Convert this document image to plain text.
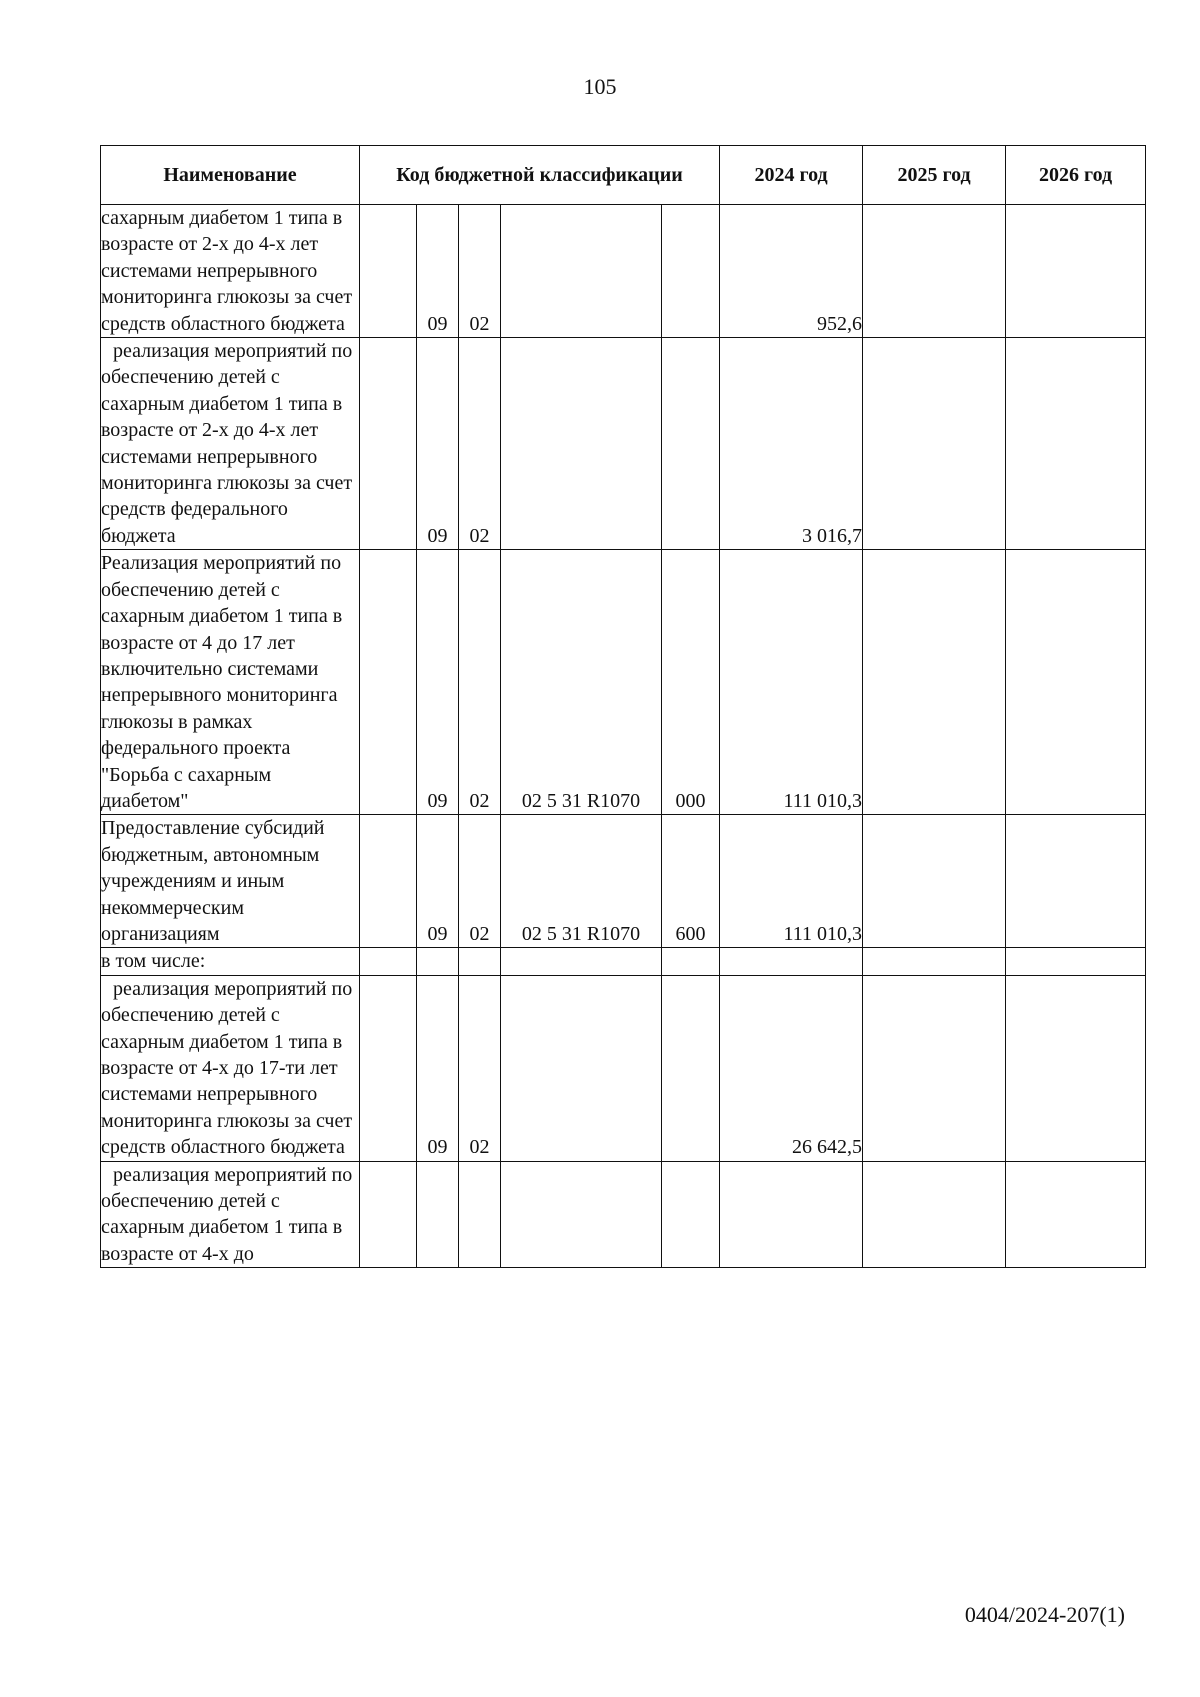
105
Наименование	Код бюджетной классификации					2024 год	2025 год	2026 год
сахарным диабетом 1 типа в возрасте от 2-х до 4-х лет системами непрерывного мониторинга глюкозы за счет средств областного бюджета		09	02			952,6		
реализация мероприятий по обеспечению детей с сахарным диабетом 1 типа в возрасте от 2-х до 4-х лет системами непрерывного мониторинга глюкозы за счет средств федерального бюджета		09	02			3 016,7		
Реализация мероприятий по обеспечению детей с сахарным диабетом 1 типа в возрасте от 4 до 17 лет включительно системами непрерывного мониторинга глюкозы в рамках федерального проекта "Борьба с сахарным диабетом"		09	02	02 5 31 R1070	000	111 010,3		
Предоставление субсидий бюджетным, автономным учреждениям и иным некоммерческим организациям		09	02	02 5 31 R1070	600	111 010,3		
в том числе:								
реализация мероприятий по обеспечению детей с сахарным диабетом 1 типа в возрасте от 4-х до 17-ти лет системами непрерывного мониторинга глюкозы за счет средств областного бюджета		09	02			26 642,5		
реализация мероприятий по обеспечению детей с сахарным диабетом 1 типа в возрасте от 4-х до								
0404/2024-207(1)
